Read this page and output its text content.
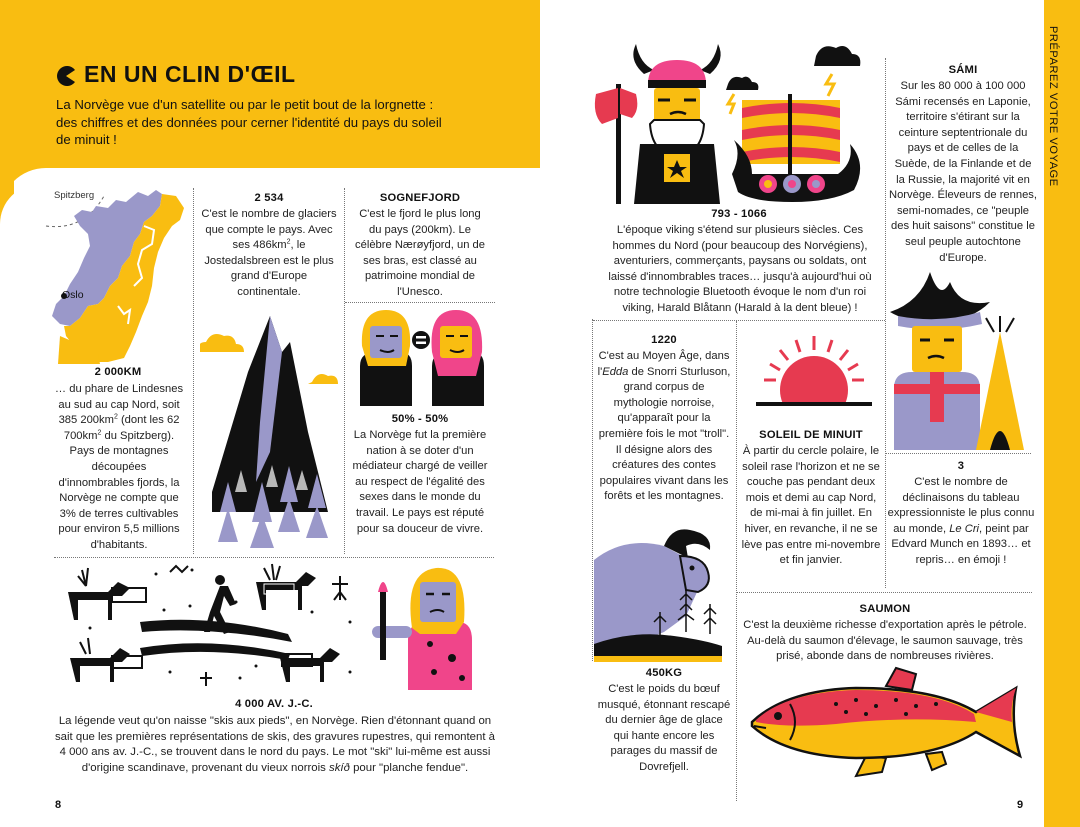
EN UN CLIN D'ŒIL
La Norvège vue d'un satellite ou par le petit bout de la lorgnette : des chiffres et des données pour cerner l'identité du pays du soleil de minuit !	PRÉPAREZ VOTRE VOYAGE
Spitzberg
Oslo
2 000KM
… du phare de Lindesnes au sud au cap Nord, soit 385 $200km^2$ (dont les 62 $700km^2$ du Spitzberg). Pays de montagnes découpées d'innombrables fjords, la Norvège ne compte que 3% de terres cultivables pour environ 5,5 millions d'habitants.
2 534
C'est le nombre de glaciers que compte le pays. Avec ses $486km^2$, le Jostedalsbreen est le plus grand d'Europe continentale.
SOGNEFJORD
C'est le fjord le plus long du pays (200km). Le célèbre Nærøyfjord, un de ses bras, est classé au patrimoine mondial de l'Unesco.
50% - 50%
La Norvège fut la première nation à se doter d'un médiateur chargé de veiller au respect de l'égalité des sexes dans le monde du travail. Le pays est réputé pour sa douceur de vivre.
4 000 AV. J.-C.
La légende veut qu'on naisse "skis aux pieds", en Norvège. Rien d'étonnant quand on sait que les premières représentations de skis, des gravures rupestres, qui remontent à 4 000 ans av. J.-C., se trouvent dans le nord du pays. Le mot "ski" lui-même est aussi d'origine scandinave, provenant du vieux norrois skíð pour "planche fendue".
8
793 - 1066
L'époque viking s'étend sur plusieurs siècles. Ces hommes du Nord (pour beaucoup des Norvégiens), aventuriers, commerçants, paysans ou soldats, ont laissé d'innombrables traces… jusqu'à aujourd'hui où notre technologie Bluetooth évoque le nom d'un roi viking, Harald Blåtann (Harald à la dent bleue) !
SÁMI
Sur les 80 000 à 100 000 Sámi recensés en Laponie, territoire s'étirant sur la ceinture septentrionale du pays et de celles de la Suède, de la Finlande et de la Russie, la majorité vit en Norvège. Éleveurs de rennes, semi-nomades, ce "peuple des huit saisons" constitue le seul peuple autochtone d'Europe.
1220
C'est au Moyen Âge, dans l'Edda de Snorri Sturluson, grand corpus de mythologie norroise, qu'apparaît pour la première fois le mot "troll". Il désigne alors des créatures des contes populaires vivant dans les forêts et les montagnes.
SOLEIL DE MINUIT
À partir du cercle polaire, le soleil rase l'horizon et ne se couche pas pendant deux mois et demi au cap Nord, de mi-mai à fin juillet. En hiver, en revanche, il ne se lève pas entre mi-novembre et fin janvier.
3
C'est le nombre de déclinaisons du tableau expressionniste le plus connu au monde, Le Cri, peint par Edvard Munch en 1893… et repris… en émoji !
450KG
C'est le poids du bœuf musqué, étonnant rescapé du dernier âge de glace qui hante encore les parages du massif de Dovrefjell.
SAUMON
C'est la deuxième richesse d'exportation après le pétrole. Au-delà du saumon d'élevage, le saumon sauvage, très prisé, abonde dans de nombreuses rivières.
9
